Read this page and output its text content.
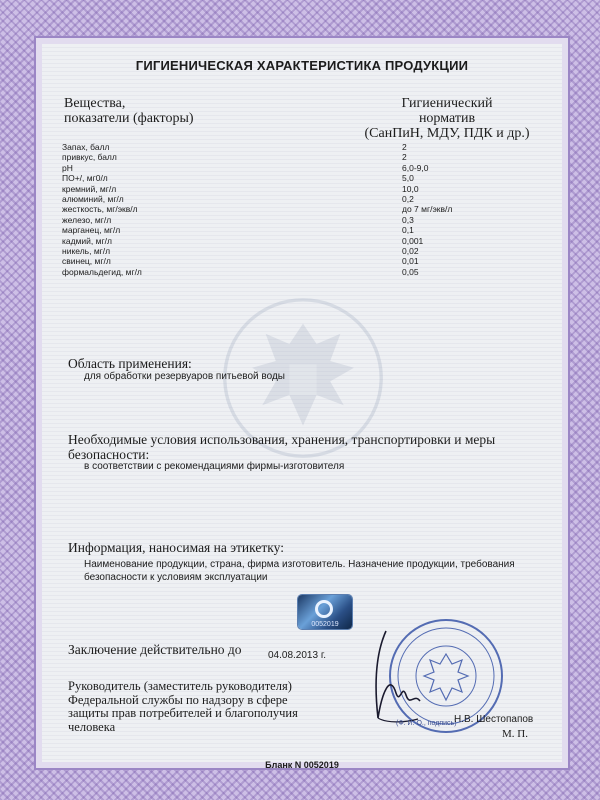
ГИГИЕНИЧЕСКАЯ ХАРАКТЕРИСТИКА ПРОДУКЦИИ
Вещества,
показатели (факторы)
Гигиенический
норматив
(СанПиН, МДУ, ПДК и др.)
Запах, балл	2
привкус, балл	2
pH	6,0-9,0
ПО+/, мг0/л	5,0
кремний, мг/л	10,0
алюминий, мг/л	0,2
жесткость, мг/экв/л	до 7 мг/экв/л
железо, мг/л	0,3
марганец, мг/л	0,1
кадмий, мг/л	0,001
никель, мг/л	0,02
свинец, мг/л	0,01
формальдегид, мг/л	0,05
Область применения:
для обработки резервуаров питьевой воды
Необходимые условия использования, хранения, транспортировки и меры безопасности:
в соответствии с рекомендациями фирмы-изготовителя
Информация, наносимая на этикетку:
Наименование продукции, страна, фирма изготовитель. Назначение продукции, требования безопасности к условиям эксплуатации
0052019
Заключение действительно до	04.08.2013 г.
Руководитель (заместитель руководителя)
Федеральной службы по надзору в сфере
защиты прав потребителей и благополучия
человека	(Ф. И. О., подпись)
Н.В. Шестопапов
М. П.
Бланк N 0052019
